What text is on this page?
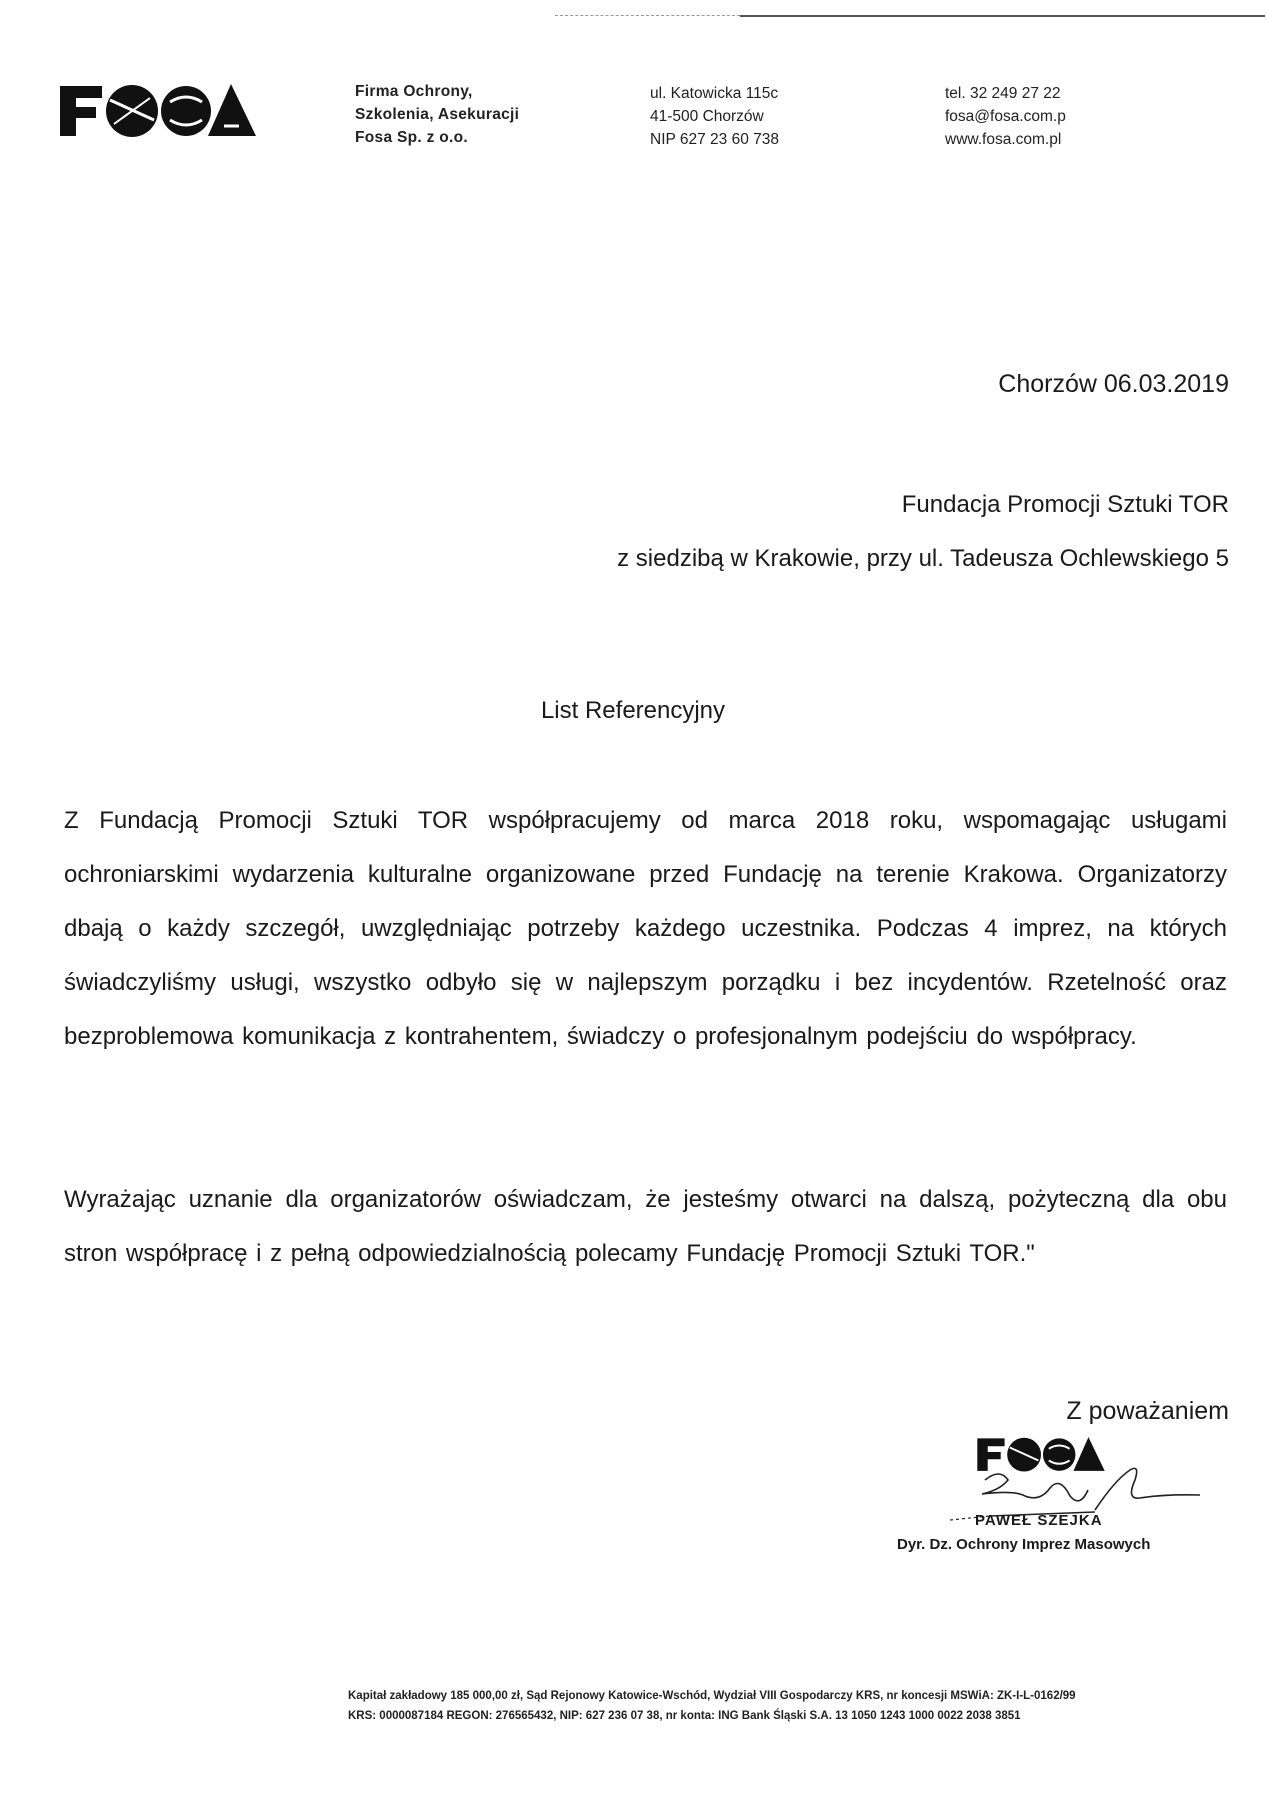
Firma Ochrony,
Szkolenia, Asekuracji
Fosa Sp. z o.o.
ul. Katowicka 115c
41-500 Chorzów
NIP 627 23 60 738
tel. 32 249 27 22
fosa@fosa.com.p
www.fosa.com.pl
Chorzów 06.03.2019
Fundacja Promocji Sztuki TOR
z siedzibą w Krakowie, przy ul. Tadeusza Ochlewskiego 5
List Referencyjny

Z Fundacją Promocji Sztuki TOR współpracujemy od marca 2018 roku, wspomagając usługami ochroniarskimi wydarzenia kulturalne organizowane przed Fundację na terenie Krakowa. Organizatorzy dbają o każdy szczegół, uwzględniając potrzeby każdego uczestnika. Podczas 4 imprez, na których świadczyliśmy usługi, wszystko odbyło się w najlepszym porządku i bez incydentów. Rzetelność oraz bezproblemowa komunikacja z kontrahentem, świadczy o profesjonalnym podejściu do współpracy.

Wyrażając uznanie dla organizatorów oświadczam, że jesteśmy otwarci na dalszą, pożyteczną dla obu stron współpracę i z pełną odpowiedzialnością polecamy Fundację Promocji Sztuki TOR."

Z poważaniem
PAWEŁ SZEJKA
Dyr. Dz. Ochrony Imprez Masowych
Kapitał zakładowy 185 000,00 zł, Sąd Rejonowy Katowice-Wschód, Wydział VIII Gospodarczy KRS, nr koncesji MSWiA: ZK-I-L-0162/99
KRS: 0000087184 REGON: 276565432, NIP: 627 236 07 38, nr konta: ING Bank Śląski S.A. 13 1050 1243 1000 0022 2038 3851
